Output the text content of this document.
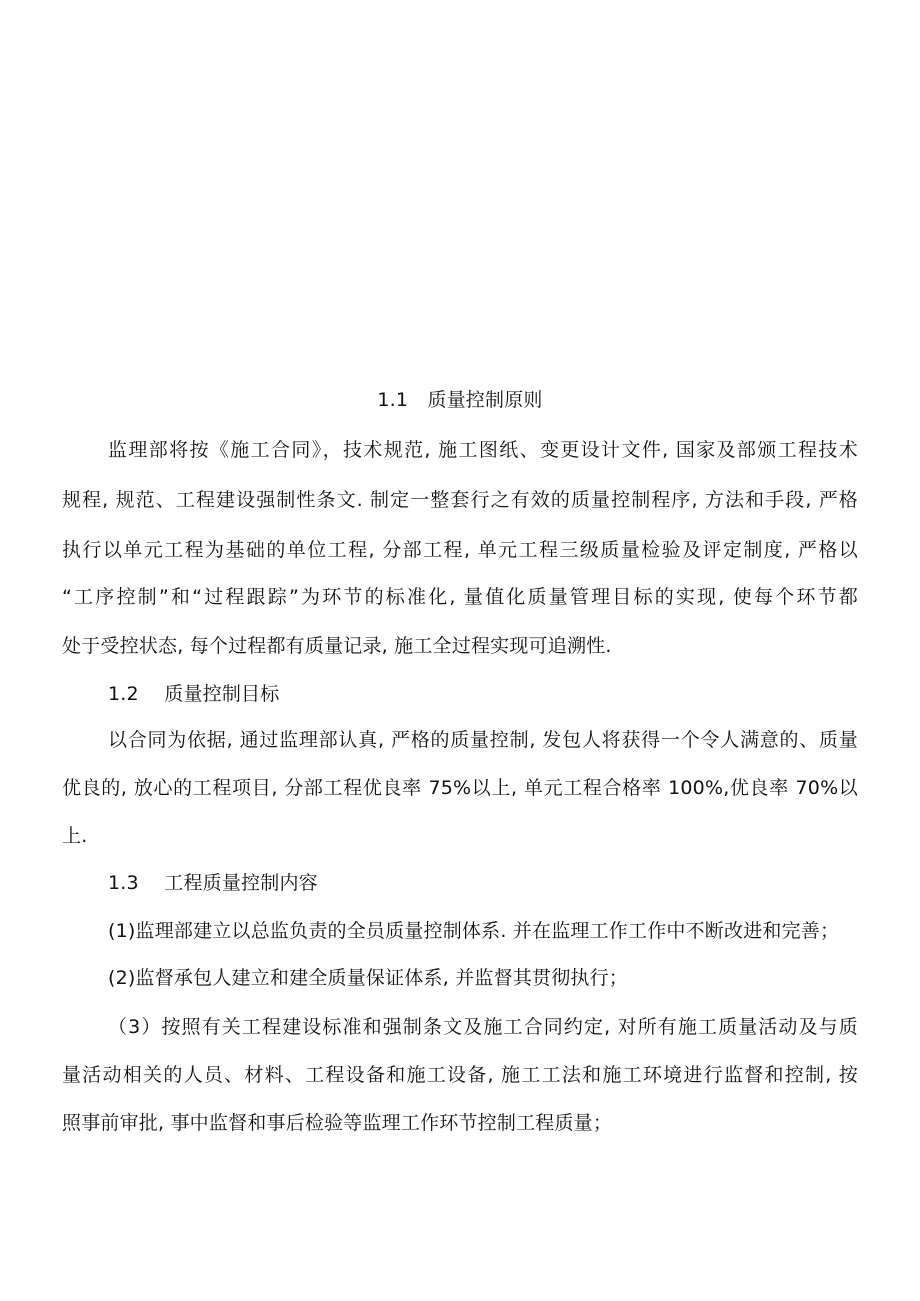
1.1　质量控制原则
监理部将按《施工合同》，技术规范, 施工图纸、变更设计文件, 国家及部颁工程技术
规程, 规范、工程建设强制性条文. 制定一整套行之有效的质量控制程序, 方法和手段, 严格
执行以单元工程为基础的单位工程, 分部工程, 单元工程三级质量检验及评定制度, 严格以
“工序控制”和“过程跟踪”为环节的标准化, 量值化质量管理目标的实现, 使每个环节都
处于受控状态, 每个过程都有质量记录, 施工全过程实现可追溯性.
1.2　 质量控制目标
以合同为依据, 通过监理部认真, 严格的质量控制, 发包人将获得一个令人满意的、质量
优良的, 放心的工程项目, 分部工程优良率 75%以上, 单元工程合格率 100%,优良率 70%以
上.
1.3　 工程质量控制内容
(1)监理部建立以总监负责的全员质量控制体系. 并在监理工作工作中不断改进和完善；
(2)监督承包人建立和建全质量保证体系, 并监督其贯彻执行；
（3）按照有关工程建设标准和强制条文及施工合同约定, 对所有施工质量活动及与质
量活动相关的人员、材料、工程设备和施工设备, 施工工法和施工环境进行监督和控制, 按
照事前审批, 事中监督和事后检验等监理工作环节控制工程质量；
